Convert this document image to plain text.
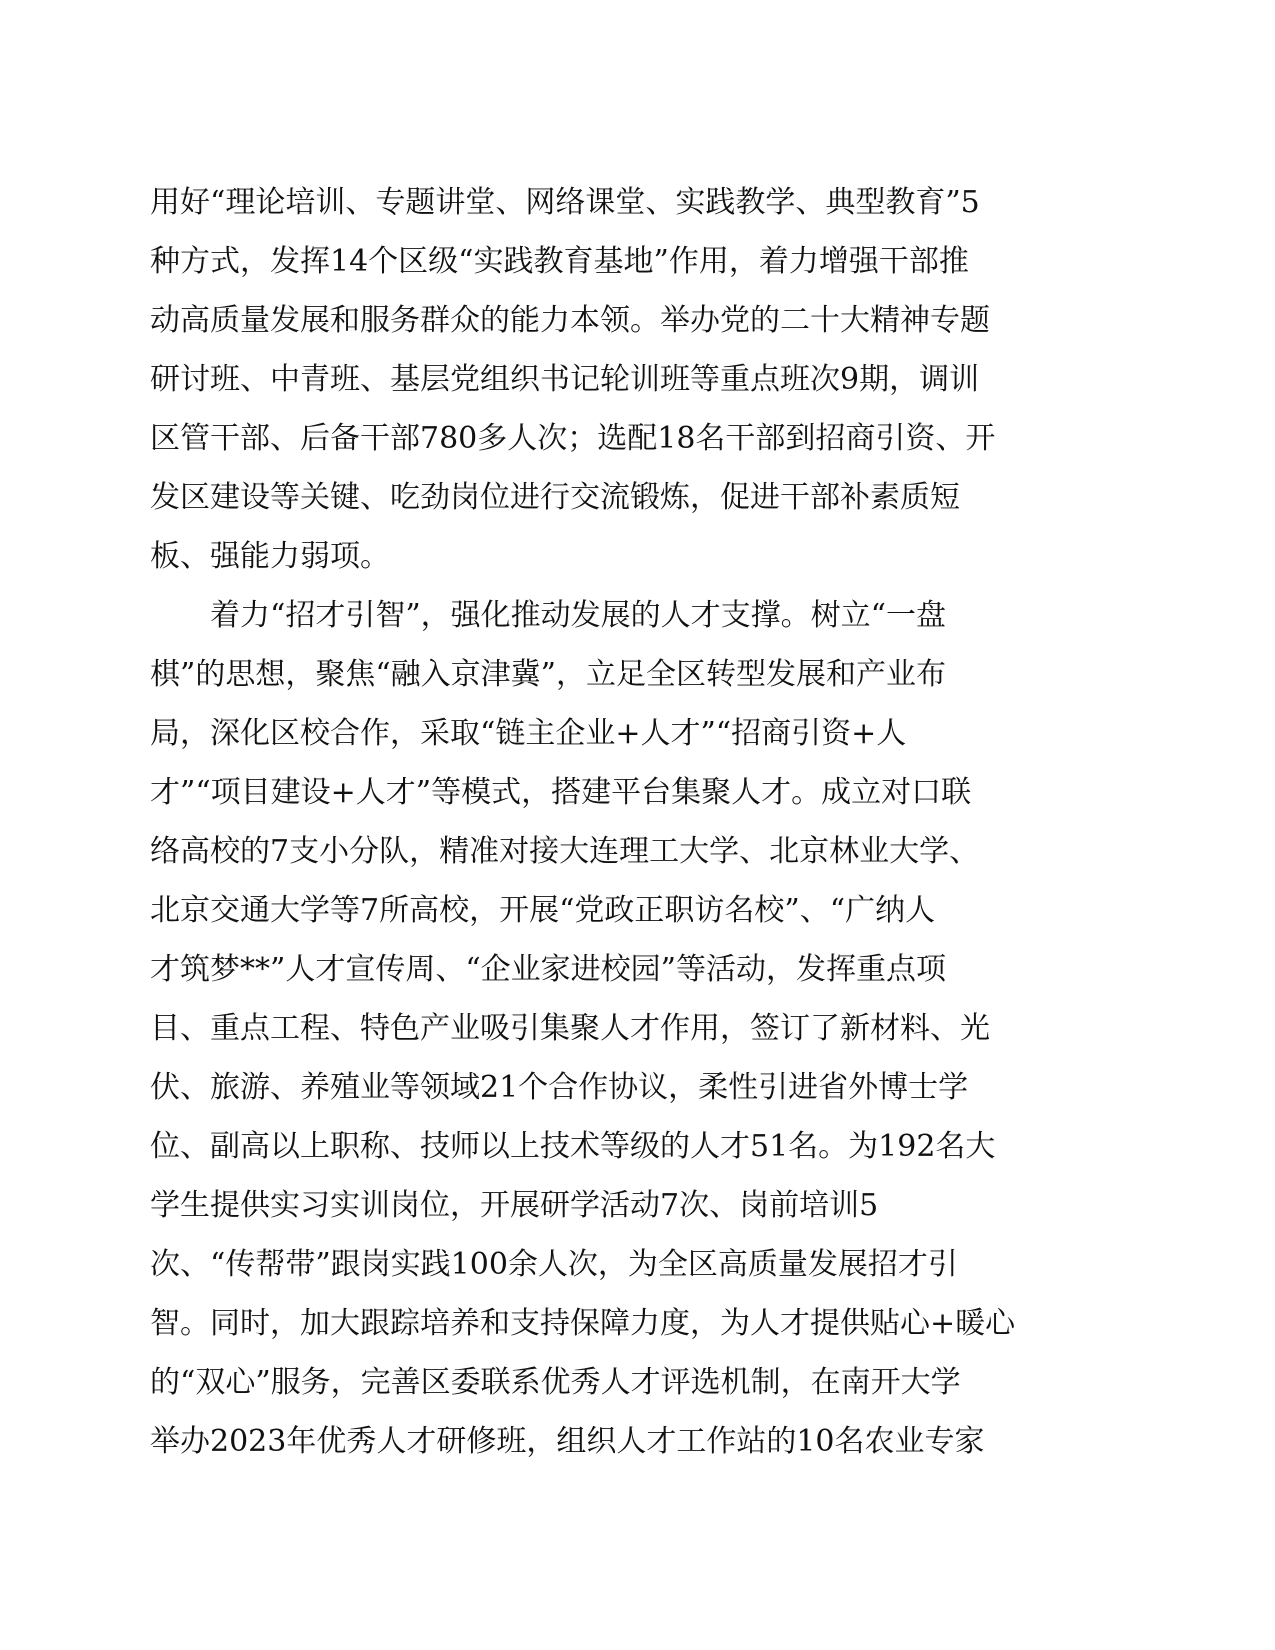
用好“理论培训、专题讲堂、网络课堂、实践教学、典型教育”5
种方式，发挥14个区级“实践教育基地”作用，着力增强干部推
动高质量发展和服务群众的能力本领。举办党的二十大精神专题
研讨班、中青班、基层党组织书记轮训班等重点班次9期，调训
区管干部、后备干部780多人次；选配18名干部到招商引资、开
发区建设等关键、吃劲岗位进行交流锻炼，促进干部补素质短
板、强能力弱项。
着力“招才引智”，强化推动发展的人才支撑。树立“一盘
棋”的思想，聚焦“融入京津冀”，立足全区转型发展和产业布
局，深化区校合作，采取“链主企业+人才”“招商引资+人
才”“项目建设+人才”等模式，搭建平台集聚人才。成立对口联
络高校的7支小分队，精准对接大连理工大学、北京林业大学、
北京交通大学等7所高校，开展“党政正职访名校”、“广纳人
才筑梦**”人才宣传周、“企业家进校园”等活动，发挥重点项
目、重点工程、特色产业吸引集聚人才作用，签订了新材料、光
伏、旅游、养殖业等领域21个合作协议，柔性引进省外博士学
位、副高以上职称、技师以上技术等级的人才51名。为192名大
学生提供实习实训岗位，开展研学活动7次、岗前培训5
次、“传帮带”跟岗实践100余人次，为全区高质量发展招才引
智。同时，加大跟踪培养和支持保障力度，为人才提供贴心+暖心
的“双心”服务，完善区委联系优秀人才评选机制，在南开大学
举办2023年优秀人才研修班，组织人才工作站的10名农业专家
